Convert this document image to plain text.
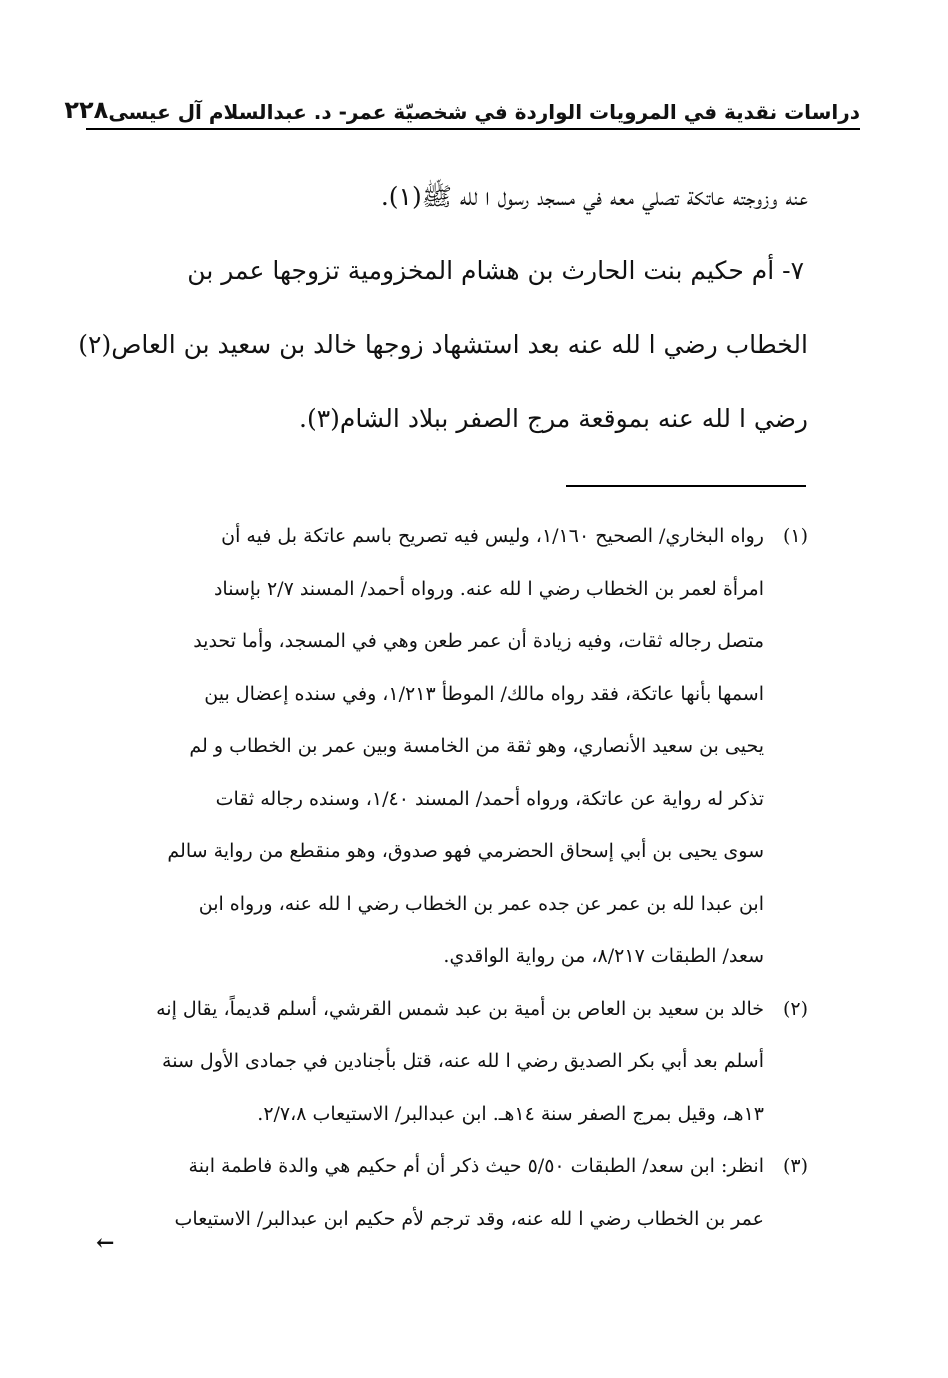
دراسات نقدية في المرويات الواردة في شخصيّة عمر- د. عبدالسلام آل عيسى
٢٢٨
عنه وزوجته عاتكة تصلي معه في مسجد رسول ا لله ﷺ(١).
٧- أم حكيم بنت الحارث بن هشام المخزومية تزوجها عمر بن
الخطاب رضي ا لله عنه بعد استشهاد زوجها خالد بن سعيد بن العاص(٢)
رضي ا لله عنه بموقعة مرج الصفر ببلاد الشام(٣).
(١)
رواه البخاري/ الصحيح ١/١٦٠، وليس فيه تصريح باسم عاتكة بل فيه أن
امرأة لعمر بن الخطاب رضي ا لله عنه. ورواه أحمد/ المسند ٢/٧ بإسناد
متصل رجاله ثقات، وفيه زيادة أن عمر طعن وهي في المسجد، وأما تحديد
اسمها بأنها عاتكة، فقد رواه مالك/ الموطأ ١/٢١٣، وفي سنده إعضال بين
يحيى بن سعيد الأنصاري، وهو ثقة من الخامسة وبين عمر بن الخطاب و لم
تذكر له رواية عن عاتكة، ورواه أحمد/ المسند ١/٤٠، وسنده رجاله ثقات
سوى يحيى بن أبي إسحاق الحضرمي فهو صدوق، وهو منقطع من رواية سالم
ابن عبدا لله بن عمر عن جده عمر بن الخطاب رضي ا لله عنه، ورواه ابن
سعد/ الطبقات ٨/٢١٧، من رواية الواقدي.
(٢)
خالد بن سعيد بن العاص بن أمية بن عبد شمس القرشي، أسلم قديماً، يقال إنه
أسلم بعد أبي بكر الصديق رضي ا لله عنه، قتل بأجنادين في جمادى الأول سنة
١٣هـ، وقيل بمرج الصفر سنة ١٤هـ. ابن عبدالبر/ الاستيعاب ٢/٧،٨.
(٣)
انظر: ابن سعد/ الطبقات ٥/٥٠ حيث ذكر أن أم حكيم هي والدة فاطمة ابنة
عمر بن الخطاب رضي ا لله عنه، وقد ترجم لأم حكيم ابن عبدالبر/ الاستيعاب
←
